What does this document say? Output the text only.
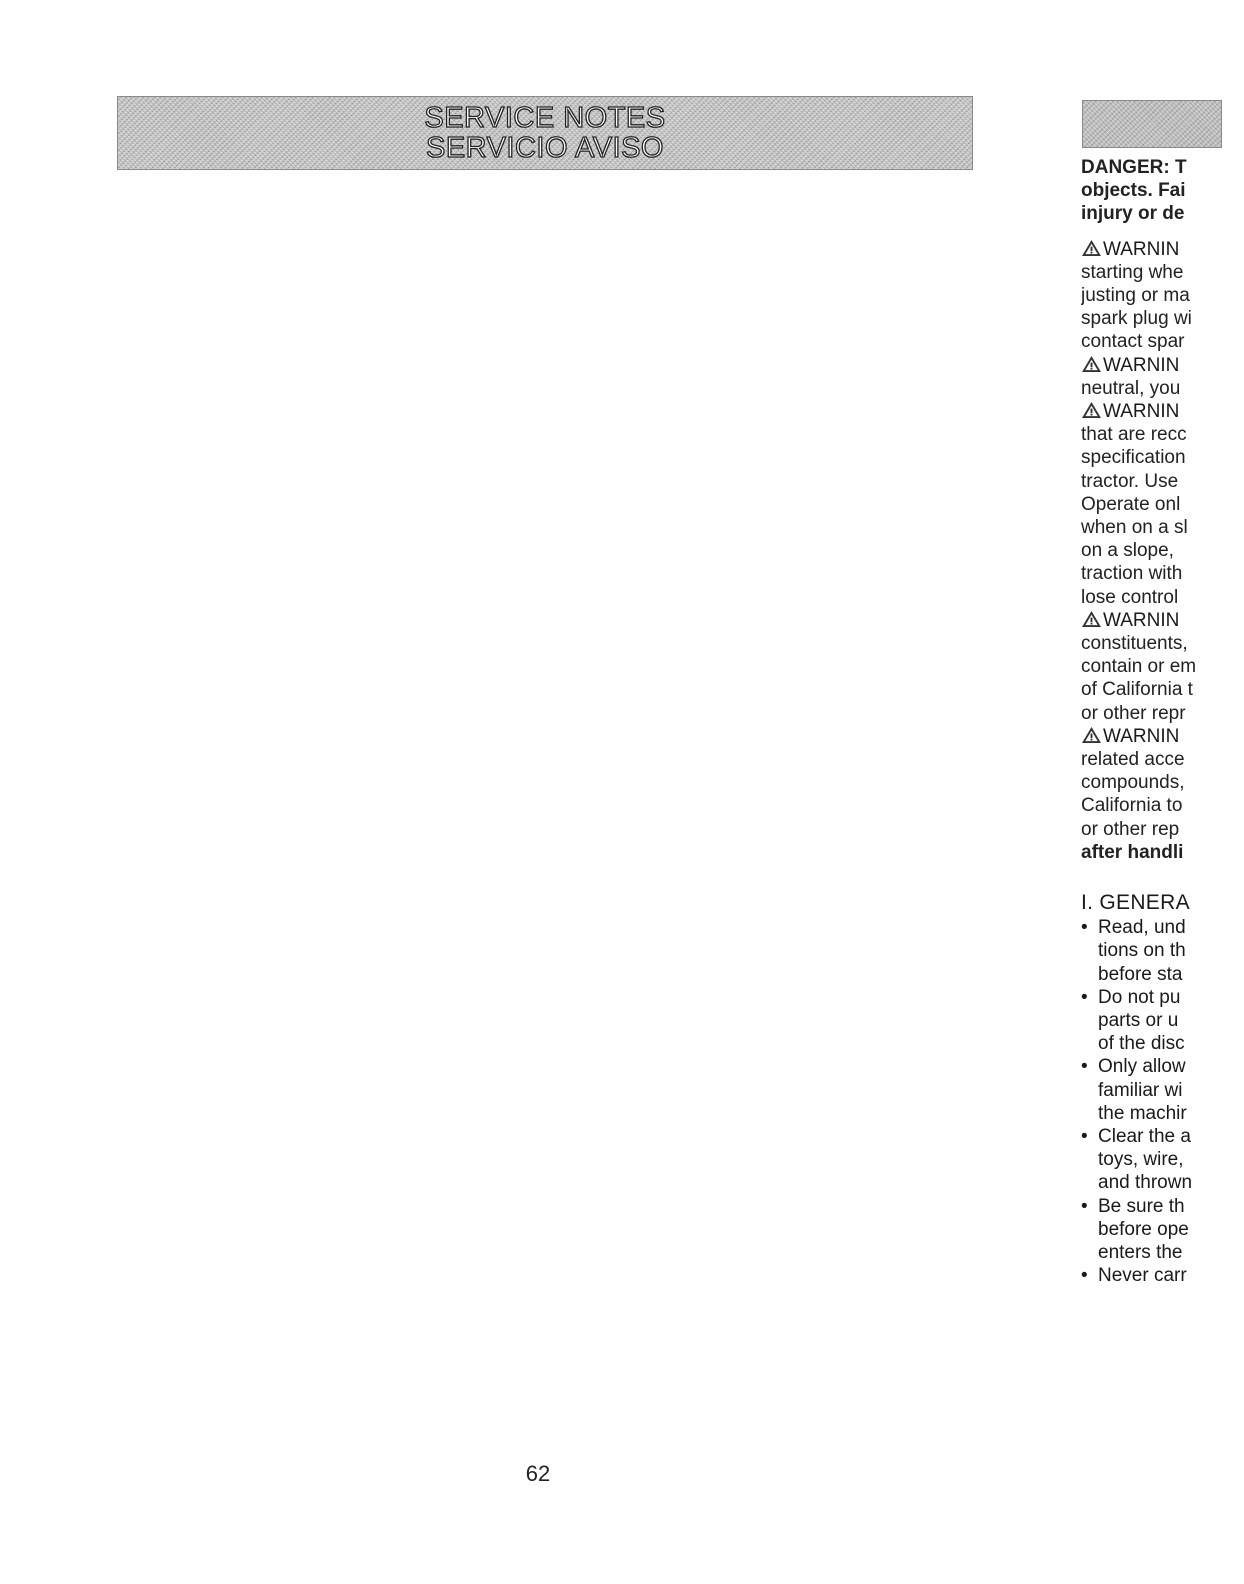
SERVICE NOTES
SERVICIO AVISO
DANGER: T
objects. Fai
injury or de
WARNIN
starting whe
justing or ma
spark plug wi
contact spar
WARNIN
neutral, you
WARNIN
that are recc
specification
tractor. Use
Operate onl
when on a sl
on a slope,
traction with
lose control
WARNIN
constituents,
contain or em
of California t
or other repr
WARNIN
related acce
compounds,
California to
or other rep
after handli
I. GENERA
• Read, und
tions on th
before sta
• Do not pu
parts or u
of the disc
• Only allow
familiar wi
the machir
• Clear the a
toys, wire,
and thrown
• Be sure th
before ope
enters the
• Never carr
62
